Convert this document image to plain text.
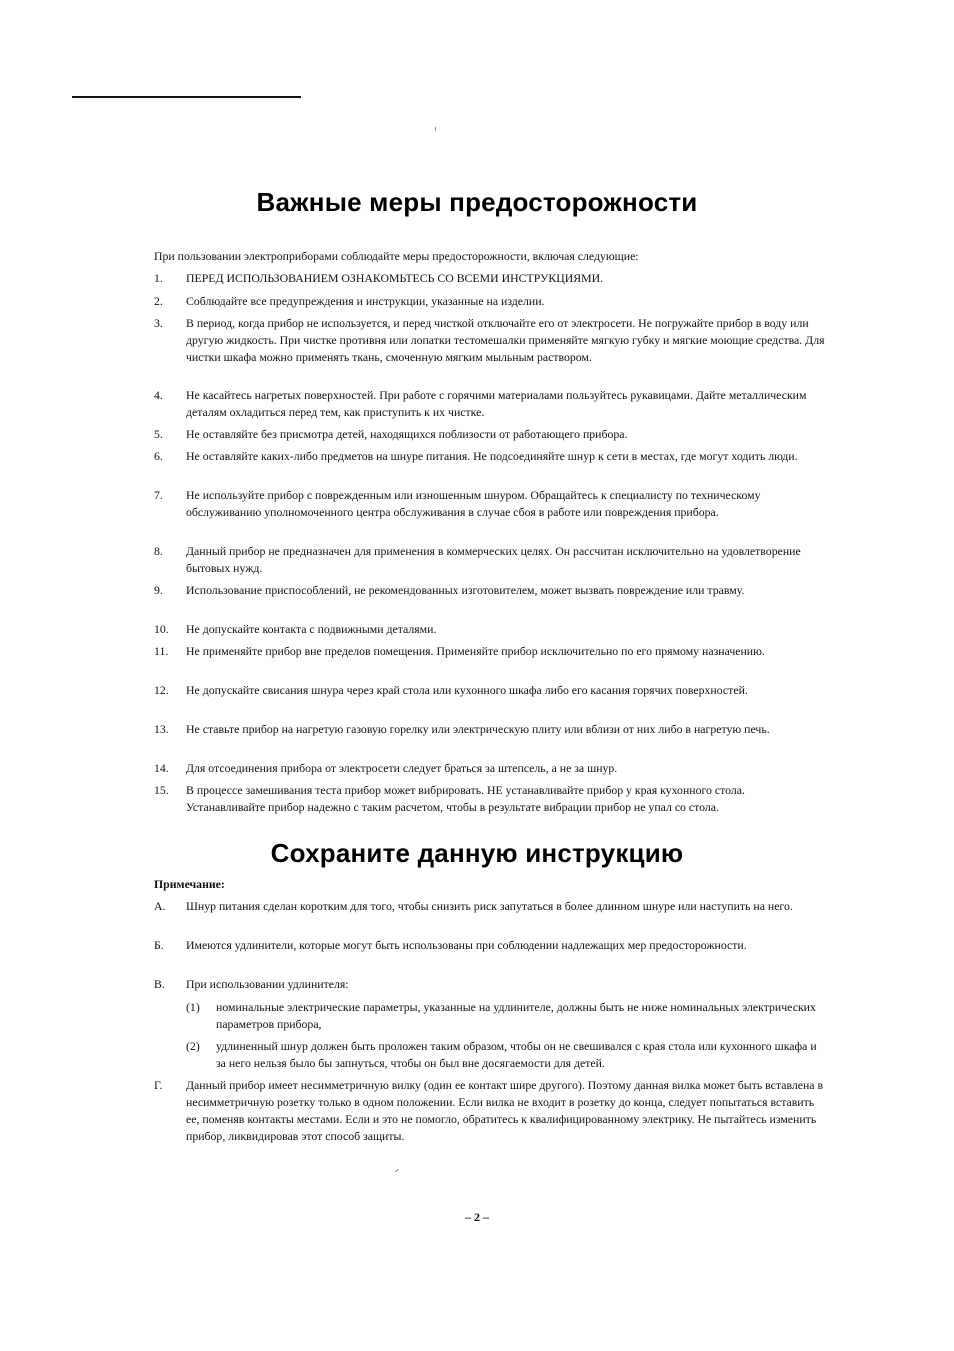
Важные меры предосторожности
При пользовании электроприборами соблюдайте меры предосторожности, включая следующие:
1.	ПЕРЕД ИСПОЛЬЗОВАНИЕМ ОЗНАКОМЬТЕСЬ СО ВСЕМИ ИНСТРУКЦИЯМИ.
2.	Соблюдайте все предупреждения и инструкции, указанные на изделии.
3.	В период, когда прибор не используется, и перед чисткой отключайте его от электросети. Не погружайте прибор в воду или другую жидкость. При чистке противня или лопатки тестомешалки применяйте мягкую губку и мягкие моющие средства. Для чистки шкафа можно применять ткань, смоченную мягким мыльным раствором.
4.	Не касайтесь нагретых поверхностей. При работе с горячими материалами пользуйтесь рукавицами. Дайте металлическим деталям охладиться перед тем, как приступить к их чистке.
5.	Не оставляйте без присмотра детей, находящихся поблизости от работающего прибора.
6.	Не оставляйте каких-либо предметов на шнуре питания. Не подсоединяйте шнур к сети в местах, где могут ходить люди.
7.	Не используйте прибор с поврежденным или изношенным шнуром. Обращайтесь к специалисту по техническому обслуживанию уполномоченного центра обслуживания в случае сбоя в работе или повреждения прибора.
8.	Данный прибор не предназначен для применения в коммерческих целях. Он рассчитан исключительно на удовлетворение бытовых нужд.
9.	Использование приспособлений, не рекомендованных изготовителем, может вызвать повреждение или травму.
10.	Не допускайте контакта с подвижными деталями.
11.	Не применяйте прибор вне пределов помещения. Применяйте прибор исключительно по его прямому назначению.
12.	Не допускайте свисания шнура через край стола или кухонного шкафа либо его касания горячих поверхностей.
13.	Не ставьте прибор на нагретую газовую горелку или электрическую плиту или вблизи от них либо в нагретую печь.
14.	Для отсоединения прибора от электросети следует браться за штепсель, а не за шнур.
15.	В процессе замешивания теста прибор может вибрировать. НЕ устанавливайте прибор у края кухонного стола. Устанавливайте прибор надежно с таким расчетом, чтобы в результате вибрации прибор не упал со стола.
Сохраните данную инструкцию
Примечание:
А.	Шнур питания сделан коротким для того, чтобы снизить риск запутаться в более длинном шнуре или наступить на него.
Б.	Имеются удлинители, которые могут быть использованы при соблюдении надлежащих мер предосторожности.
В.	При использовании удлинителя:
(1)	номинальные электрические параметры, указанные на удлинителе, должны быть не ниже номинальных электрических параметров прибора,
(2)	удлиненный шнур должен быть проложен таким образом, чтобы он не свешивался с края стола или кухонного шкафа и за него нельзя было бы запнуться, чтобы он был вне досягаемости для детей.
Г.	Данный прибор имеет несимметричную вилку (один ее контакт шире другого). Поэтому данная вилка может быть вставлена в несимметричную розетку только в одном положении. Если вилка не входит в розетку до конца, следует попытаться вставить ее, поменяв контакты местами. Если и это не помогло, обратитесь к квалифицированному электрику. Не пытайтесь изменить прибор, ликвидировав этот способ защиты.
– 2 –
